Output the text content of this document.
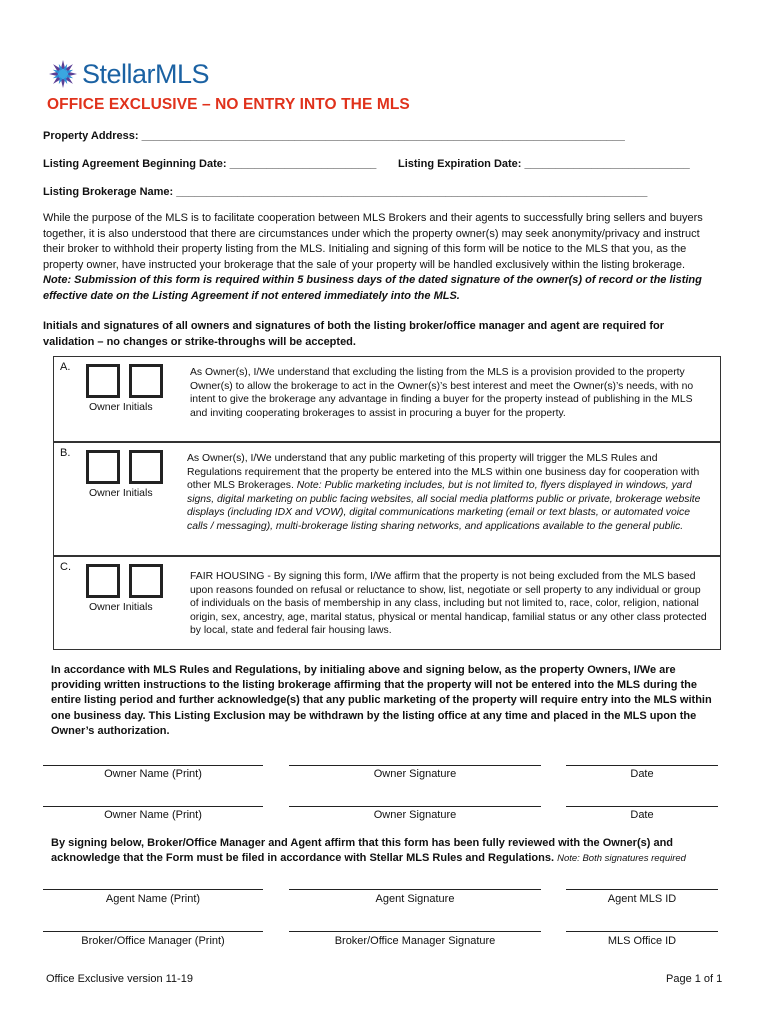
StellarMLS
OFFICE EXCLUSIVE – NO ENTRY INTO THE MLS
Property Address: _______________________________________________________________________________
Listing Agreement Beginning Date: ________________________ Listing Expiration Date: ___________________________
Listing Brokerage Name: _____________________________________________________________________________
While the purpose of the MLS is to facilitate cooperation between MLS Brokers and their agents to successfully bring sellers and buyers together, it is also understood that there are circumstances under which the property owner(s) may seek anonymity/privacy and instruct their broker to withhold their property listing from the MLS. Initialing and signing of this form will be notice to the MLS that you, as the property owner, have instructed your brokerage that the sale of your property will be handled exclusively within the listing brokerage. Note: Submission of this form is required within 5 business days of the dated signature of the owner(s) of record or the listing effective date on the Listing Agreement if not entered immediately into the MLS.
Initials and signatures of all owners and signatures of both the listing broker/office manager and agent are required for validation – no changes or strike-throughs will be accepted.
A.
Owner Initials
As Owner(s), I/We understand that excluding the listing from the MLS is a provision provided to the property Owner(s) to allow the brokerage to act in the Owner(s)’s best interest and meet the Owner(s)’s needs, with no intent to give the brokerage any advantage in finding a buyer for the property instead of publishing in the MLS and inviting cooperating brokerages to assist in procuring a buyer for the property.
B.
Owner Initials
As Owner(s), I/We understand that any public marketing of this property will trigger the MLS Rules and Regulations requirement that the property be entered into the MLS within one business day for cooperation with other MLS Brokerages. Note: Public marketing includes, but is not limited to, flyers displayed in windows, yard signs, digital marketing on public facing websites, all social media platforms public or private, brokerage website displays (including IDX and VOW), digital communications marketing (email or text blasts, or automated voice calls / messaging), multi-brokerage listing sharing networks, and applications available to the general public.
C.
Owner Initials
FAIR HOUSING - By signing this form, I/We affirm that the property is not being excluded from the MLS based upon reasons founded on refusal or reluctance to show, list, negotiate or sell property to any individual or group of individuals on the basis of membership in any class, including but not limited to, race, color, religion, national origin, sex, ancestry, age, marital status, physical or mental handicap, familial status or any other class protected by local, state and federal fair housing laws.
In accordance with MLS Rules and Regulations, by initialing above and signing below, as the property Owners, I/We are providing written instructions to the listing brokerage affirming that the property will not be entered into the MLS during the entire listing period and further acknowledge(s) that any public marketing of the property will require entry into the MLS within one business day. This Listing Exclusion may be withdrawn by the listing office at any time and placed in the MLS upon the Owner’s authorization.
Owner Name (Print)	Owner Signature	Date
Owner Name (Print)	Owner Signature	Date
By signing below, Broker/Office Manager and Agent affirm that this form has been fully reviewed with the Owner(s) and acknowledge that the Form must be filed in accordance with Stellar MLS Rules and Regulations. Note: Both signatures required
Agent Name (Print)	Agent Signature	Agent MLS ID
Broker/Office Manager (Print)	Broker/Office Manager Signature	MLS Office ID
Office Exclusive version 11-19	Page 1 of 1
